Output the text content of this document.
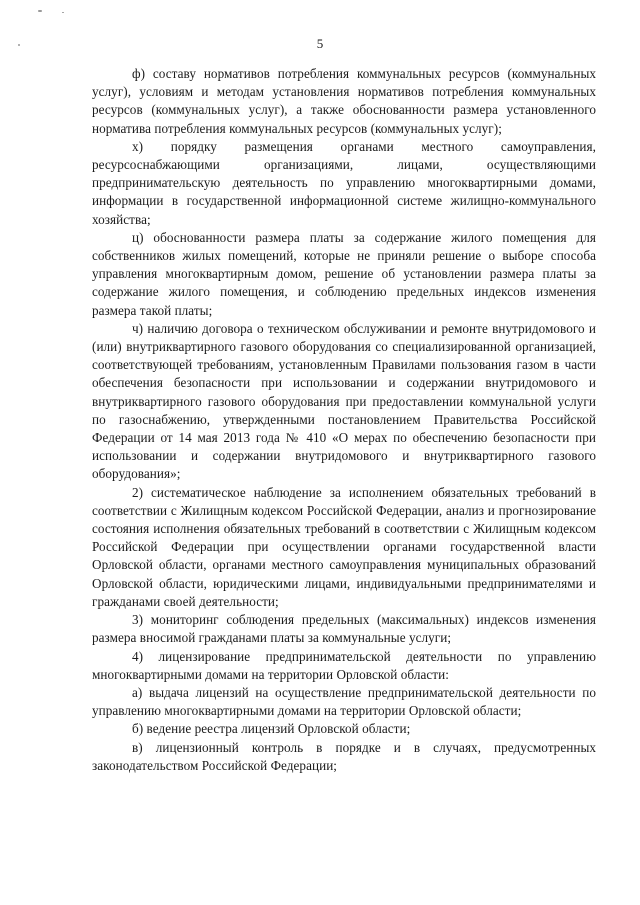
5

ф) составу нормативов потребления коммунальных ресурсов (коммунальных услуг), условиям и методам установления нормативов потребления коммунальных ресурсов (коммунальных услуг), а также обоснованности размера установленного норматива потребления коммунальных ресурсов (коммунальных услуг);

х) порядку размещения органами местного самоуправления, ресурсоснабжающими организациями, лицами, осуществляющими предпринимательскую деятельность по управлению многоквартирными домами, информации в государственной информационной системе жилищно-коммунального хозяйства;

ц) обоснованности размера платы за содержание жилого помещения для собственников жилых помещений, которые не приняли решение о выборе способа управления многоквартирным домом, решение об установлении размера платы за содержание жилого помещения, и соблюдению предельных индексов изменения размера такой платы;

ч) наличию договора о техническом обслуживании и ремонте внутридомового и (или) внутриквартирного газового оборудования со специализированной организацией, соответствующей требованиям, установленным Правилами пользования газом в части обеспечения безопасности при использовании и содержании внутридомового и внутриквартирного газового оборудования при предоставлении коммунальной услуги по газоснабжению, утвержденными постановлением Правительства Российской Федерации от 14 мая 2013 года № 410 «О мерах по обеспечению безопасности при использовании и содержании внутридомового и внутриквартирного газового оборудования»;

2) систематическое наблюдение за исполнением обязательных требований в соответствии с Жилищным кодексом Российской Федерации, анализ и прогнозирование состояния исполнения обязательных требований в соответствии с Жилищным кодексом Российской Федерации при осуществлении органами государственной власти Орловской области, органами местного самоуправления муниципальных образований Орловской области, юридическими лицами, индивидуальными предпринимателями и гражданами своей деятельности;

3) мониторинг соблюдения предельных (максимальных) индексов изменения размера вносимой гражданами платы за коммунальные услуги;

4) лицензирование предпринимательской деятельности по управлению многоквартирными домами на территории Орловской области:

а) выдача лицензий на осуществление предпринимательской деятельности по управлению многоквартирными домами на территории Орловской области;

б) ведение реестра лицензий Орловской области;

в) лицензионный контроль в порядке и в случаях, предусмотренных законодательством Российской Федерации;
